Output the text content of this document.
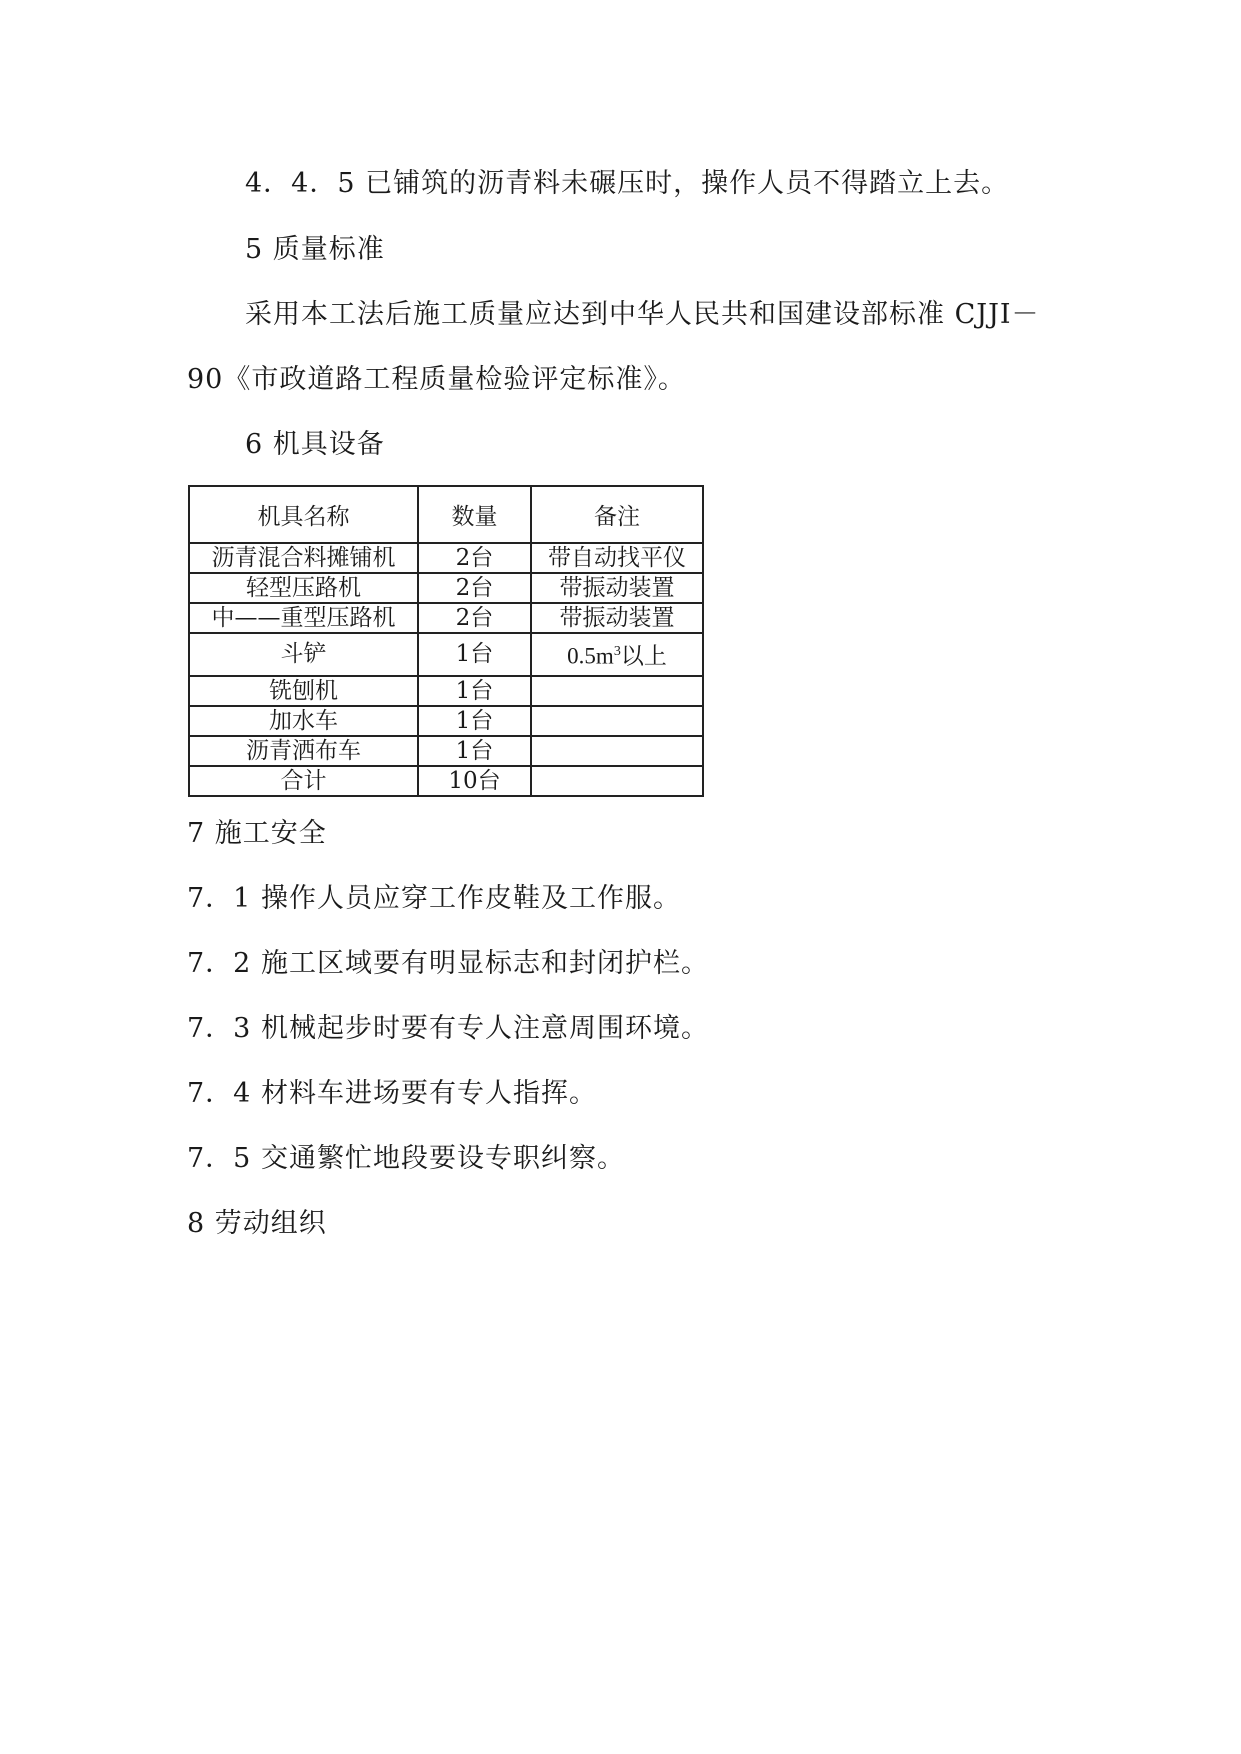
4．4．5 已铺筑的沥青料未碾压时，操作人员不得踏立上去。
5 质量标准
采用本工法后施工质量应达到中华人民共和国建设部标准 CJJI－
90《市政道路工程质量检验评定标准》。
6 机具设备
机具名称	数量	备注
沥青混合料摊铺机	2台	带自动找平仪
轻型压路机	2台	带振动装置
中——重型压路机	2台	带振动装置
斗铲	1台	$0.5m^3$以上
铣刨机	1台	
加水车	1台	
沥青洒布车	1台	
合计	10台	
7 施工安全
7．1 操作人员应穿工作皮鞋及工作服。
7．2 施工区域要有明显标志和封闭护栏。
7．3 机械起步时要有专人注意周围环境。
7．4 材料车进场要有专人指挥。
7．5 交通繁忙地段要设专职纠察。
8 劳动组织
